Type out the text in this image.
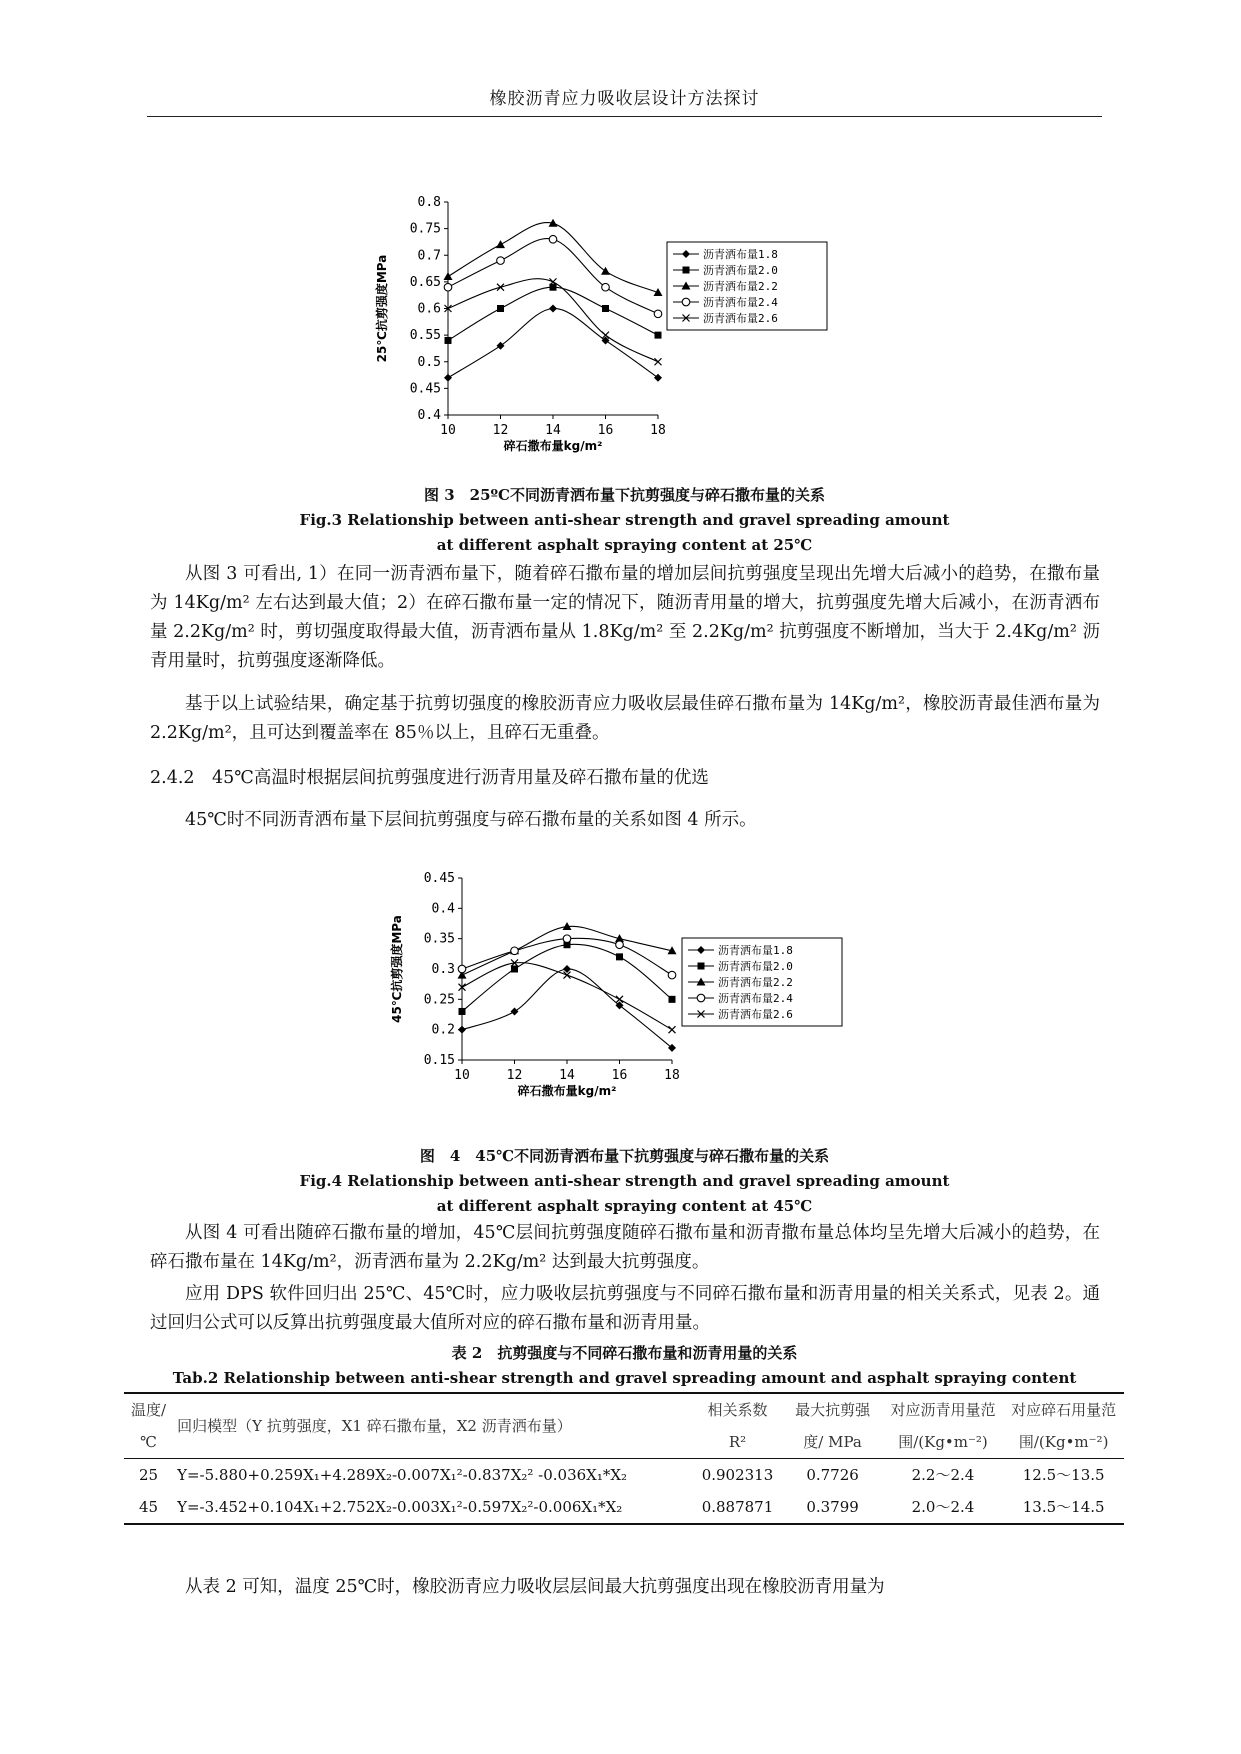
橡胶沥青应力吸收层设计方法探讨
0.4
0.45
0.5
0.55
0.6
0.65
0.7
0.75
0.8
10	12	14	16	18
碎石撒布量kg/m²
25℃抗剪强度MPa
沥青洒布量1.8
沥青洒布量2.0
沥青洒布量2.2
沥青洒布量2.4
沥青洒布量2.6
图 3　25ºC不同沥青洒布量下抗剪强度与碎石撒布量的关系
Fig.3 Relationship between anti-shear strength and gravel spreading amount
at different asphalt spraying content at 25℃
从图 3 可看出, 1）在同一沥青洒布量下，随着碎石撒布量的增加层间抗剪强度呈现出先增大后减小的趋势，在撒布量为 14Kg/m² 左右达到最大值；2）在碎石撒布量一定的情况下，随沥青用量的增大，抗剪强度先增大后减小，在沥青洒布量 2.2Kg/m² 时，剪切强度取得最大值，沥青洒布量从 1.8Kg/m² 至 2.2Kg/m² 抗剪强度不断增加，当大于 2.4Kg/m² 沥青用量时，抗剪强度逐渐降低。
基于以上试验结果，确定基于抗剪切强度的橡胶沥青应力吸收层最佳碎石撒布量为 14Kg/m²，橡胶沥青最佳洒布量为 2.2Kg/m²，且可达到覆盖率在 85％以上，且碎石无重叠。
2.4.2　45℃高温时根据层间抗剪强度进行沥青用量及碎石撒布量的优选
45℃时不同沥青洒布量下层间抗剪强度与碎石撒布量的关系如图 4 所示。
0.15
0.2
0.25
0.3
0.35
0.4
0.45
10	12	14	16	18
碎石撒布量kg/m²
45℃抗剪强度MPa	沥青洒布量1.8
沥青洒布量2.0
沥青洒布量2.2
沥青洒布量2.4
沥青洒布量2.6
图　4　45℃不同沥青洒布量下抗剪强度与碎石撒布量的关系
Fig.4 Relationship between anti-shear strength and gravel spreading amount
at different asphalt spraying content at 45℃
从图 4 可看出随碎石撒布量的增加，45℃层间抗剪强度随碎石撒布量和沥青撒布量总体均呈先增大后减小的趋势，在碎石撒布量在 14Kg/m²，沥青洒布量为 2.2Kg/m² 达到最大抗剪强度。
应用 DPS 软件回归出 25℃、45℃时，应力吸收层抗剪强度与不同碎石撒布量和沥青用量的相关关系式，见表 2。通过回归公式可以反算出抗剪强度最大值所对应的碎石撒布量和沥青用量。
表 2　抗剪强度与不同碎石撒布量和沥青用量的关系
Tab.2 Relationship between anti-shear strength and gravel spreading amount and asphalt spraying content
温度/℃	回归模型（Y 抗剪强度，X1 碎石撒布量，X2 沥青洒布量）	相关系数 R²	最大抗剪强度/ MPa	对应沥青用量范围/(Kg•m⁻²)	对应碎石用量范围/(Kg•m⁻²)
25	Y=-5.880+0.259X₁+4.289X₂-0.007X₁²-0.837X₂² -0.036X₁*X₂	0.902313	0.7726	2.2～2.4	12.5～13.5
45	Y=-3.452+0.104X₁+2.752X₂-0.003X₁²-0.597X₂²-0.006X₁*X₂	0.887871	0.3799	2.0～2.4	13.5～14.5
从表 2 可知，温度 25℃时，橡胶沥青应力吸收层层间最大抗剪强度出现在橡胶沥青用量为
